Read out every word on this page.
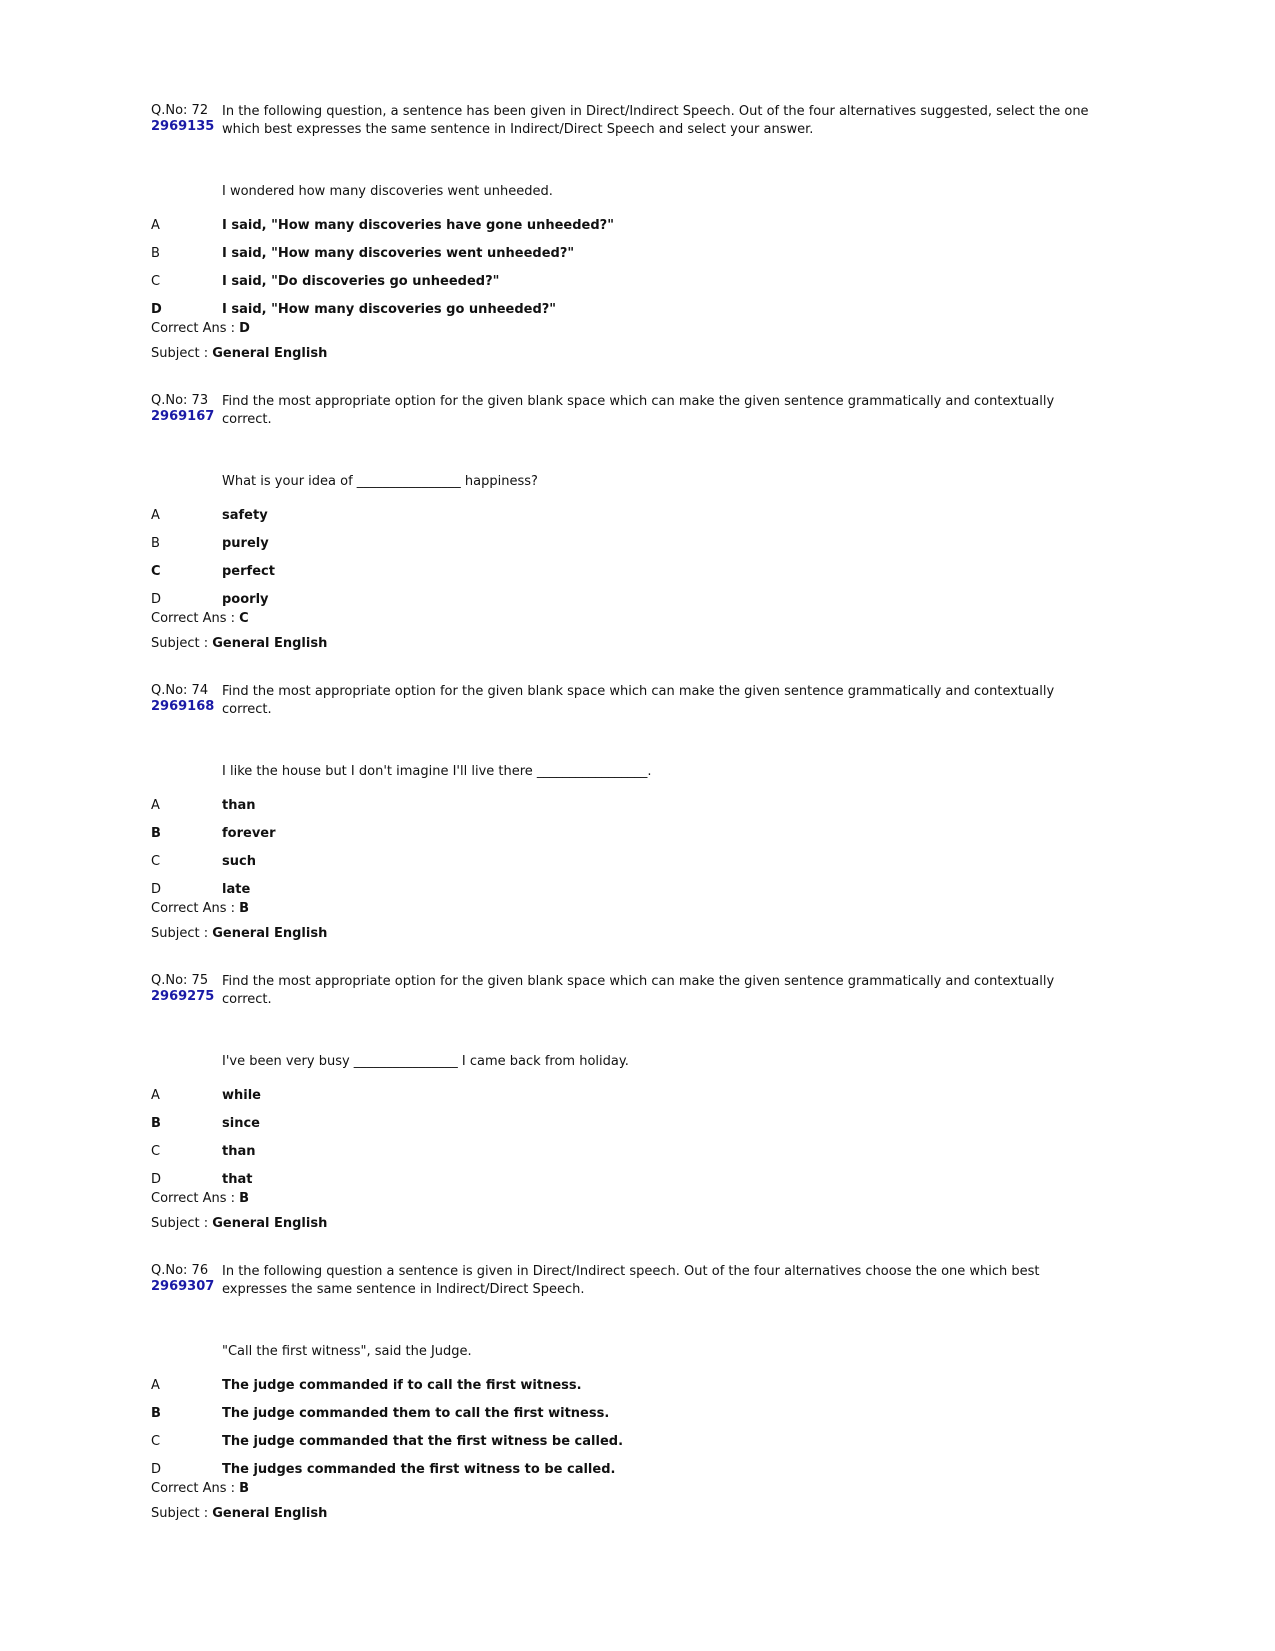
Q.No: 72
2969135
In the following question, a sentence has been given in Direct/Indirect Speech. Out of the four alternatives suggested, select the one which best expresses the same sentence in Indirect/Direct Speech and select your answer.
I wondered how many discoveries went unheeded.
A	I said, "How many discoveries have gone unheeded?"
B	I said, "How many discoveries went unheeded?"
C	I said, "Do discoveries go unheeded?"
D	I said, "How many discoveries go unheeded?"
Correct Ans : D
Subject : General English
Q.No: 73
2969167
Find the most appropriate option for the given blank space which can make the given sentence grammatically and contextually correct.
What is your idea of ________________ happiness?
A	safety
B	purely
C	perfect
D	poorly
Correct Ans : C
Subject : General English
Q.No: 74
2969168
Find the most appropriate option for the given blank space which can make the given sentence grammatically and contextually correct.
I like the house but I don't imagine I'll live there _________________.
A	than
B	forever
C	such
D	late
Correct Ans : B
Subject : General English
Q.No: 75
2969275
Find the most appropriate option for the given blank space which can make the given sentence grammatically and contextually correct.
I've been very busy ________________ I came back from holiday.
A	while
B	since
C	than
D	that
Correct Ans : B
Subject : General English
Q.No: 76
2969307
In the following question a sentence is given in Direct/Indirect speech. Out of the four alternatives choose the one which best expresses the same sentence in Indirect/Direct Speech.
"Call the first witness", said the Judge.
A	The judge commanded if to call the first witness.
B	The judge commanded them to call the first witness.
C	The judge commanded that the first witness be called.
D	The judges commanded the first witness to be called.
Correct Ans : B
Subject : General English
